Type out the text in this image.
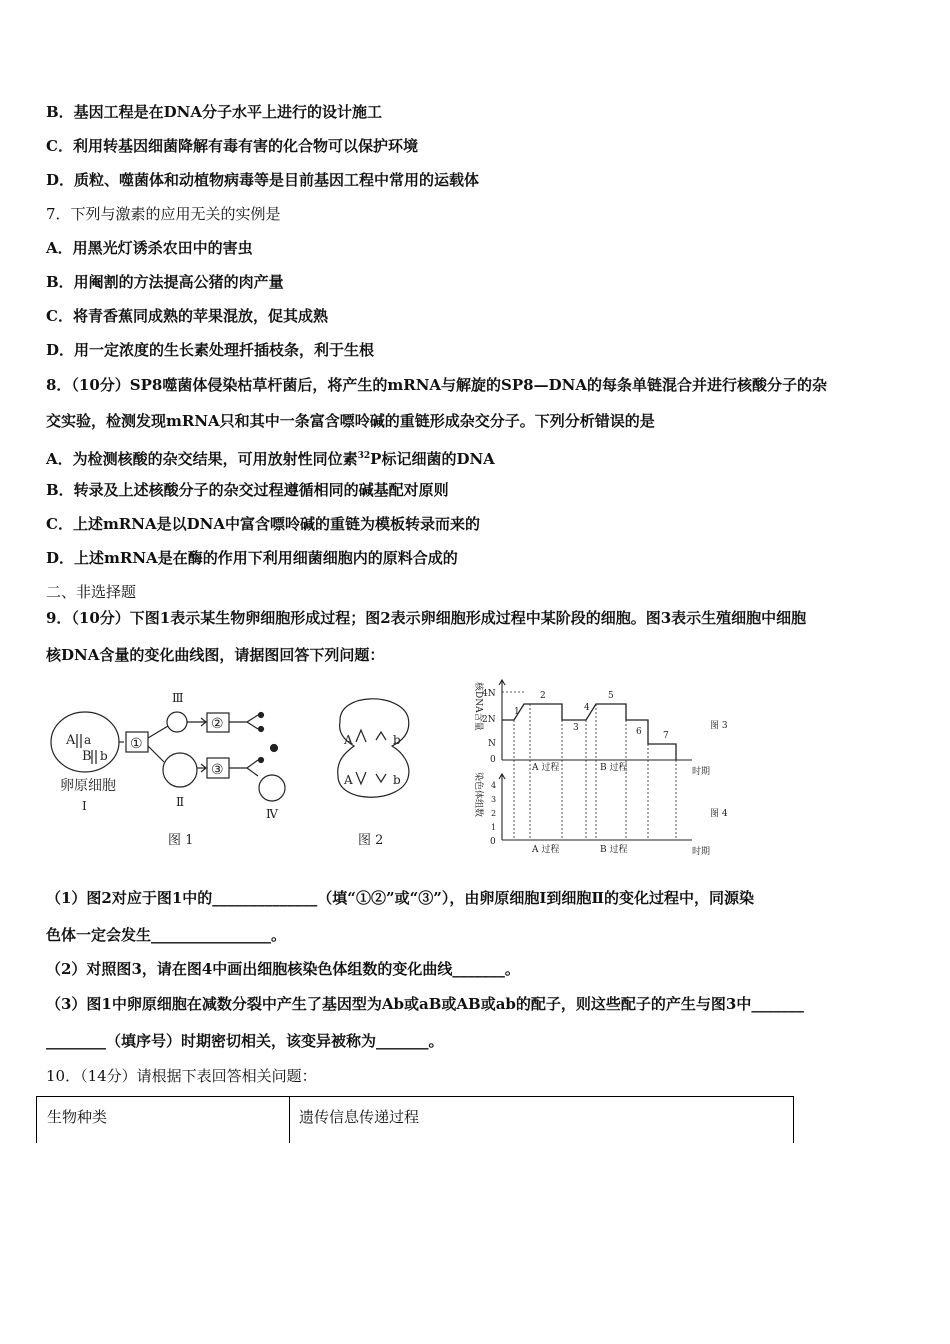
B．基因工程是在DNA分子水平上进行的设计施工
C．利用转基因细菌降解有毒有害的化合物可以保护环境
D．质粒、噬菌体和动植物病毒等是目前基因工程中常用的运载体
7．下列与激素的应用无关的实例是
A．用黑光灯诱杀农田中的害虫
B．用阉割的方法提高公猪的肉产量
C．将青香蕉同成熟的苹果混放，促其成熟
D．用一定浓度的生长素处理扦插枝条，利于生根
8．（10分）SP8噬菌体侵染枯草杆菌后，将产生的mRNA与解旋的SP8—DNA的每条单链混合并进行核酸分子的杂
交实验，检测发现mRNA只和其中一条富含嘌呤碱的重链形成杂交分子。下列分析错误的是
A．为检测核酸的杂交结果，可用放射性同位素$^{32}$P标记细菌的DNA
B．转录及上述核酸分子的杂交过程遵循相同的碱基配对原则
C．上述mRNA是以DNA中富含嘌呤碱的重链为模板转录而来的
D．上述mRNA是在酶的作用下利用细菌细胞内的原料合成的
二、非选择题
9．（10分）下图1表示某生物卵细胞形成过程；图2表示卵细胞形成过程中某阶段的细胞。图3表示生殖细胞中细胞
核DNA含量的变化曲线图，请据图回答下列问题：
A a
B b
①
Ⅲ
②
Ⅱ
③
Ⅳ
卵原细胞
Ⅰ
图 1
A	b
A	b
图 2
核DNA含量 4N
2N
N
0
1
2
3
4
5
6 7
A 过程	B 过程	时期
图 3
染色体组数 4
3
2
1
0
A 过程	B 过程	时期
图 4
（1）图2对应于图1中的______________（填“①②”或“③”），由卵原细胞Ⅰ到细胞Ⅱ的变化过程中，同源染
色体一定会发生________________。
（2）对照图3，请在图4中画出细胞核染色体组数的变化曲线_______。
（3）图1中卵原细胞在减数分裂中产生了基因型为Ab或aB或AB或ab的配子，则这些配子的产生与图3中_______
________（填序号）时期密切相关，该变异被称为_______。
10．（14分）请根据下表回答相关问题：
生物种类	遗传信息传递过程
